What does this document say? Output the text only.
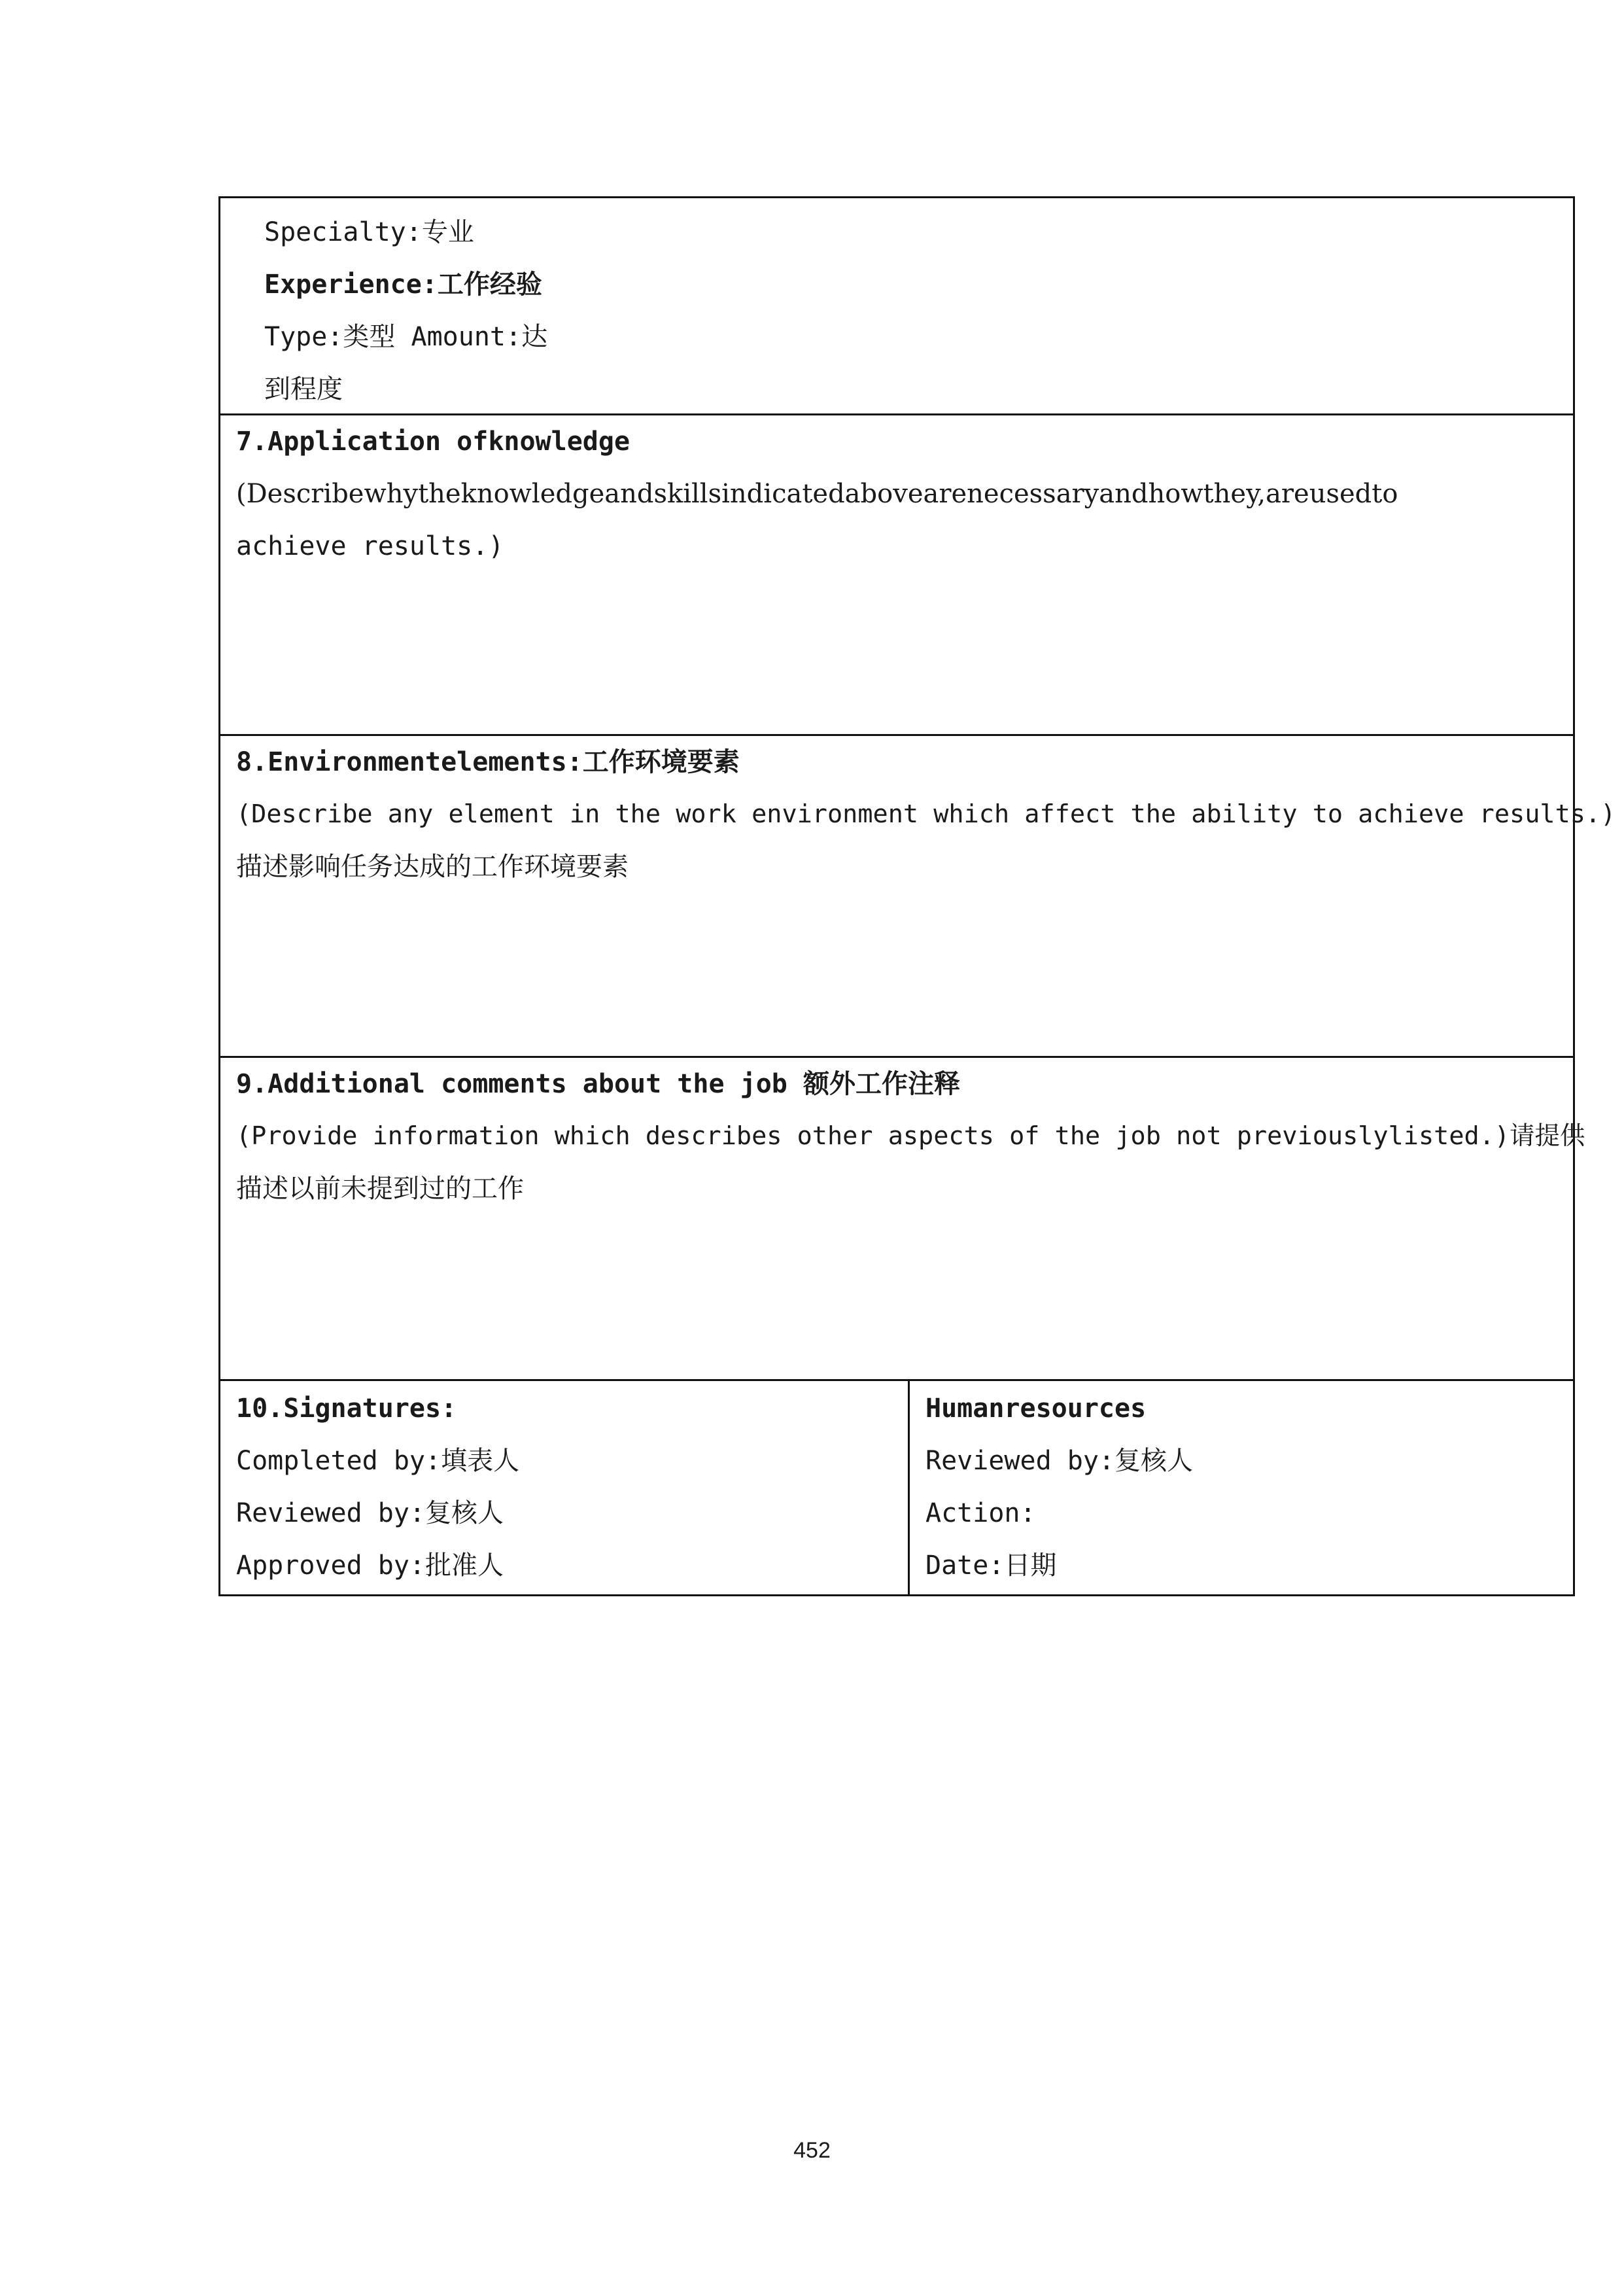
Specialty:专业
Experience:工作经验
Type:类型 Amount:达
到程度
7.Application ofknowledge
(Describewhytheknowledgeandskillsindicatedabovearenecessaryandhowthey,areusedto
achieve results.)
8.Environmentelements:工作环境要素
(Describe any element in the work environment which affect the ability to achieve results.)
描述影响任务达成的工作环境要素
9.Additional comments about the job 额外工作注释
(Provide information which describes other aspects of the job not previouslylisted.)请提供
描述以前未提到过的工作
10.Signatures:
Completed by:填表人
Reviewed by:复核人
Approved by:批准人
Humanresources
Reviewed by:复核人
Action:
Date:日期
452
